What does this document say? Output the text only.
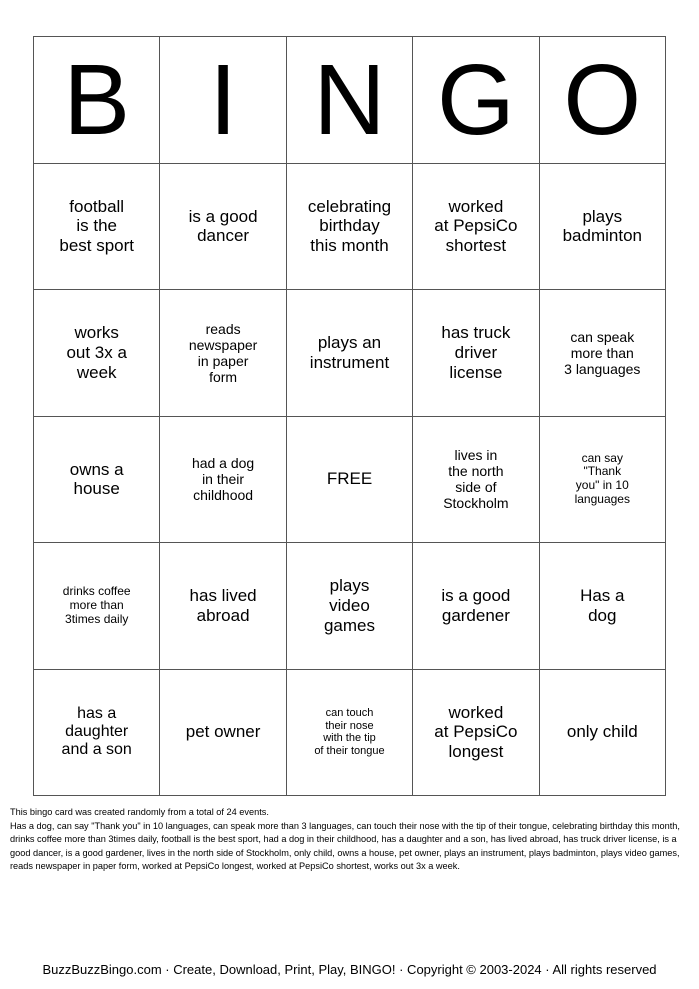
B I N G O
football
is the
best sport
is a good
dancer
celebrating
birthday
this month
worked
at PepsiCo
shortest
plays
badminton
works
out 3x a
week
reads
newspaper
in paper
form
plays an
instrument
has truck
driver
license
can speak
more than
3 languages
owns a
house
had a dog
in their
childhood
FREE
lives in
the north
side of
Stockholm
can say
"Thank
you" in 10
languages
drinks coffee
more than
3times daily
has lived
abroad
plays
video
games
is a good
gardener
Has a
dog
has a
daughter
and a son
pet owner
can touch
their nose
with the tip
of their tongue
worked
at PepsiCo
longest
only child

This bingo card was created randomly from a total of 24 events.

Has a dog, can say "Thank you" in 10 languages, can speak more than 3 languages, can touch their nose with the tip of their tongue, celebrating birthday this month, drinks coffee more than 3times daily, football is the best sport, had a dog in their childhood, has a daughter and a son, has lived abroad, has truck driver license, is a good dancer, is a good gardener, lives in the north side of Stockholm, only child, owns a house, pet owner, plays an instrument, plays badminton, plays video games, reads newspaper in paper form, worked at PepsiCo longest, worked at PepsiCo shortest, works out 3x a week.

BuzzBuzzBingo.com · Create, Download, Print, Play, BINGO! · Copyright © 2003-2024 · All rights reserved
